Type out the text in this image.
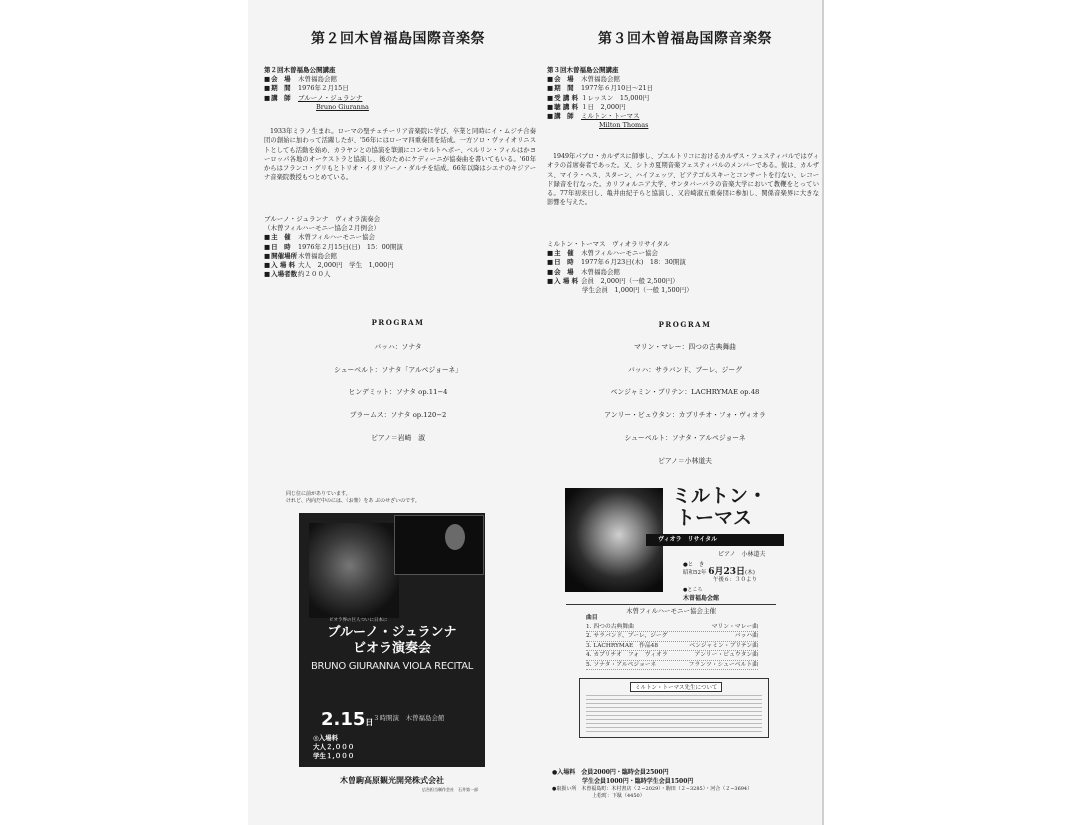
第２回木曽福島国際音楽祭
第２回木曽福島公開講座
■ 会　場	木曽福島会館
■ 期　間	1976年２月15日
■ 講　師	ブルーノ・ジュランナ
Bruno Giuranna
1933年ミラノ生まれ。ローマの聖チェチーリア音楽院に学び、卒業と同時にイ・ムジチ合奏団の創始に加わって活躍したが、'56年にはローマ四重奏団を結成。一方ソロ・ヴァイオリニストとしても活動を始め、カラヤンとの協演を筆頭にコンセルトヘボー、ベルリン・フィルはかヨーロッパ各地のオーケストラと協演し、後のためにケディーニが協奏曲を書いてもいる。'60年からはフランコ・グリもとトリオ・イタリアーノ・ダルチを結成。66年以降はシエナのキジアーナ音楽院教授もつとめている。
ブルーノ・ジュランナ　ヴィオラ演奏会
（木曽フィルハーモニー協会２月例会）
■ 主　催	木曽フィルハーモニー協会
■ 日　時	1976年２月15日(日)　15：00開演
■ 開催場所 木曽福島会館
■ 入 場 料 大人　2,000円　学生　1,000円
■ 入場者数 約２００人
PROGRAM
バッハ：ソナタ
シューベルト：ソナタ「アルペジョーネ」
ヒンデミット：ソナタ op.11−4
ブラームス：ソナタ op.120−2
ピアノ＝岩崎　淑
同じ位に前がありています。
けれど、内向だ中のには、（お楽）をあ ぶのせざいのです。
ビオラ界の巨人ついに日本に
ブルーノ・ジュランナ
ビオラ演奏会
BRUNO GIURANNA VIOLA RECITAL
2.15日 ３時開演　木曽福島会館
◎入場料
大人２,０００
学生１,０００
木曽駒高原観光開発株式会社
広告担当制作会社　石井第一部
第３回木曽福島国際音楽祭
第３回木曽福島公開講座
■ 会　場	木曽福島会館
■ 期　間	1977年６月10日〜21日
■ 受 講 料 １レッスン　15,000円
■ 聴 講 料 １日　2,000円
■ 講　師	ミルトン・トーマス
Milton Thomas
1949年パブロ・カルザスに師事し、プエルトリコにおけるカルザス・フェスティバルではヴィオラの首席奏者であった。又、シトカ夏期音楽フェスティバルのメンバーである。彼は、カルザス、マイラ・ヘス、スターン、ハイフェッツ、ピアテゴルスキーとコンサートを行ない、レコード録音を行なった。カリフォルニア大学、サンタバーバラの音楽大学において教鞭をとっている。77年初来日し、亀井由紀子らと協演し、又岩崎淑五重奏団に参加し、関係音楽界に大きな影響を与えた。
ミルトン・トーマス　ヴィオラリサイタル
■ 主　催	木曽フィルハーモニー協会
■ 日　時	1977年６月23日(木)　18：30開演
■ 会　場	木曽福島会館
■ 入 場 料 会員　2,000円（一般 2,500円）
学生会員　1,000円（一般 1,500円）
PROGRAM
マリン・マレー：四つの古典舞曲
バッハ：サラバンド、ブーレ、ジーグ
ベンジャミン・ブリテン：LACHRYMAE op.48
アンリー・ビュウタン：カプリチオ・フォ・ヴィオラ
シューベルト：ソナタ・アルペジョーネ
ピアノ＝小林道夫
ミルトン・
トーマス
ヴィオラ　リサイタル
ピアノ　小林道夫
●と　き
昭和52年 6月23日(木)
午後６：３０より
●ところ
木曽福島会館
木曽フィルハーモニー協会主催
曲目
1. 四つの古典舞曲	マリン・マレー曲
2. サラバンド、ブーレ、ジーグ	バッハ曲
3. LACHRYMAE　作品48	ベンジャミン・ブリテン曲
4. カプリチオ　フォ　ヴィオラ	アンリー・ビュウタン曲
5. ソナタ・アルペジョーネ	フランツ・シューベルト曲
ミルトン・トーマス先生について
●入場料　会員2000円・臨時会員2500円
学生会員1000円・臨時学生会員1500円
●取扱い所　木曽福島町：木村書店（２−2029）・駒田（２−3285）・河合（２−3694）
上松町：下駄（4450）
